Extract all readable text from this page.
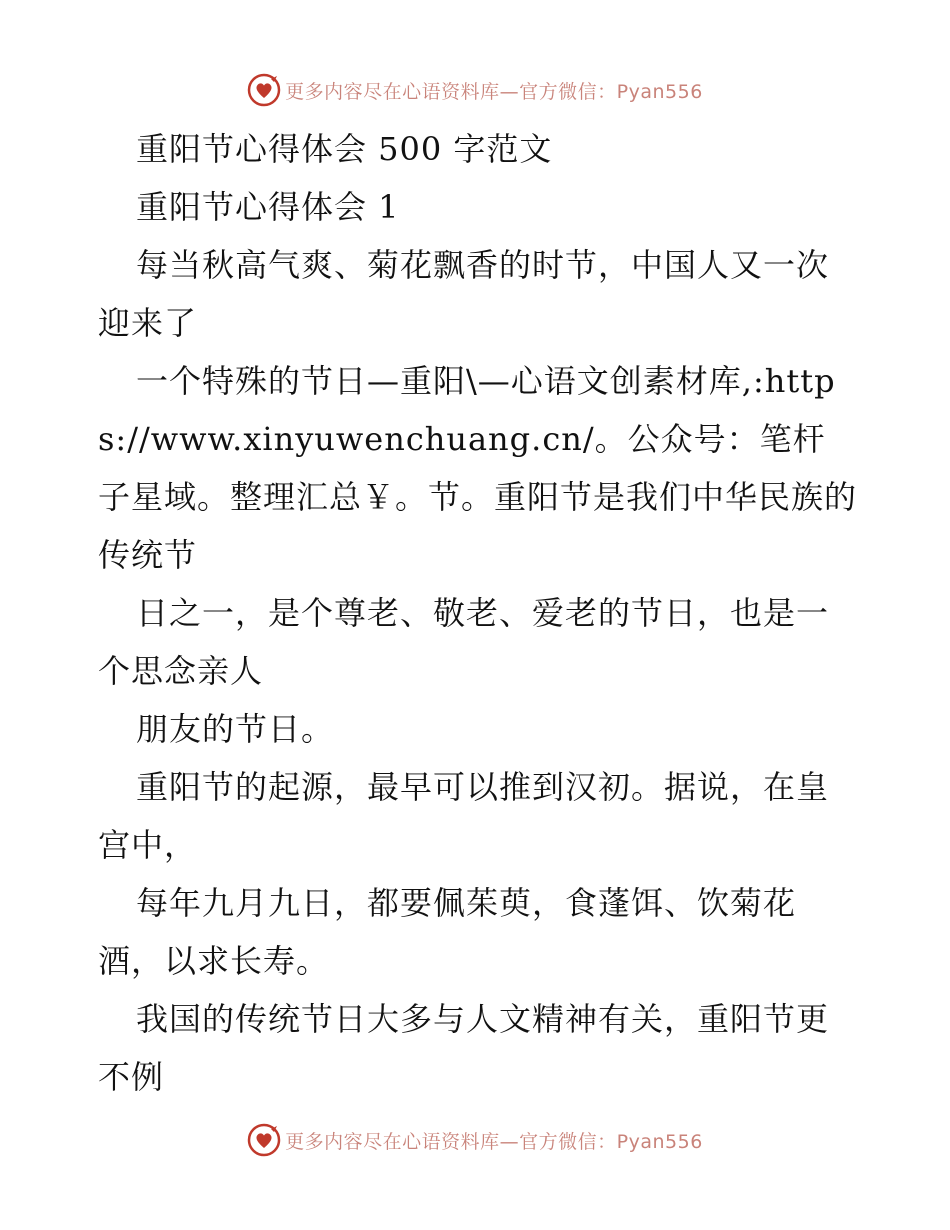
更多内容尽在心语资料库—官方微信：Pyan556

重阳节心得体会 500 字范文

重阳节心得体会 1

每当秋高气爽、菊花飘香的时节，中国人又一次迎来了

一个特殊的节日—重阳\—心语文创素材库,:https://www.xinyuwenchuang.cn/。公众号：笔杆子星域。整理汇总￥。节。重阳节是我们中华民族的传统节

日之一，是个尊老、敬老、爱老的节日，也是一个思念亲人

朋友的节日。

重阳节的起源，最早可以推到汉初。据说，在皇宫中，

每年九月九日，都要佩茱萸，食蓬饵、饮菊花酒，以求长寿。

我国的传统节日大多与人文精神有关，重阳节更不例

更多内容尽在心语资料库—官方微信：Pyan556
